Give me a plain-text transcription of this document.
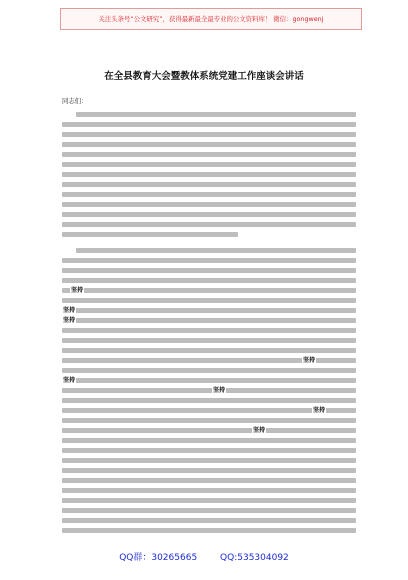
关注头条号“公文研究”，获得最新最全最专业的公文资料库！ 微信：gongwenj
在全县教育大会暨教体系统党建工作座谈会讲话
同志们：
坚持
坚持
坚持
坚持
坚持
坚持
坚持
坚持
QQ群：30265665	QQ:535304092
